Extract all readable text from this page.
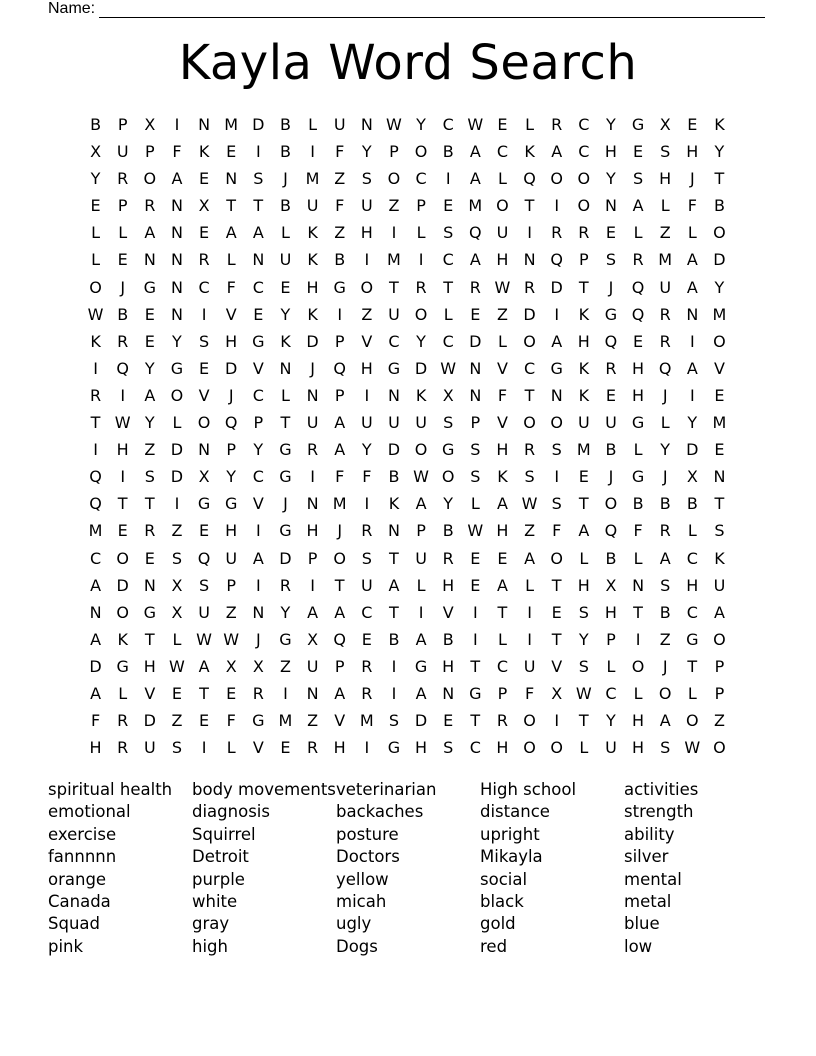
Name:
Kayla Word Search
B	P	X	I	N M D B	L	U N W Y	C W E	L	R C	Y	G X	E	K
X U	P	F	K	E	I	B	I	F	Y	P	O B	A	C	K	A	C H	E	S	H	Y
Y	R O A	E	N	S	J	M Z	S O C	I	A	L	Q O O Y	S	H	J	T
E	P	R N X	T	T	B U	F	U Z	P	E M O T	I	O N A	L	F	B
L	L	A N	E	A	A	L	K	Z H	I	L	S Q U	I	R	R	E	L	Z	L	O
L	E	N N R	L	N U	K	B	I	M	I	C	A H N Q	P	S	R M A D
O	J	G N C	F	C	E	H G O T	R	T	R W R D	T	J	Q U A	Y
W B	E	N	I	V	E	Y	K	I	Z U O	L	E	Z D	I	K G Q R N M
K	R	E	Y	S	H G K D	P	V	C	Y	C D	L	O A H Q E	R	I	O
I	Q Y	G E D V N	J	Q H G D W N V	C G K	R H Q A	V
R	I	A O V	J	C	L	N	P	I	N K	X N	F	T	N K	E	H	J	I	E
T W Y	L	O Q	P	T	U A U U U	S	P	V O O U U G	L	Y M
I	H Z D N	P	Y	G R	A	Y	D O G S	H R	S M B	L	Y	D E
Q	I	S D X	Y	C G	I	F	F	B W O S	K	S	I	E	J	G	J	X N
Q T	T	I	G G V	J	N M	I	K	A	Y	L	A W S	T O B	B	B	T
M E	R	Z	E	H	I	G H	J	R N	P	B W H Z	F	A Q	F	R	L	S
C O E	S Q U A D	P	O S	T	U R	E	E	A O	L	B	L	A	C	K
A D N X	S	P	I	R	I	T	U A	L	H	E	A	L	T	H X N	S	H U
N O G X U Z N	Y	A	A	C	T	I	V	I	T	I	E	S	H	T	B	C	A
A	K	T	L W W	J	G X Q E	B	A	B	I	L	I	T	Y	P	I	Z G O
D G H W A	X	X	Z U	P	R	I	G H	T	C U V	S	L	O	J	T	P
A	L	V	E	T	E	R	I	N A	R	I	A N G	P	F	X W C	L	O	L	P
F	R D Z	E	F	G M Z	V M S D E	T	R O	I	T	Y	H A O Z
H R U	S	I	L	V	E	R H	I	G H	S	C H O O	L	U H	S W O
spiritual health
emotional
exercise
fannnnn
orange
Canada
Squad
pink
body movements
diagnosis
Squirrel
Detroit
purple
white
gray
high
veterinarian
backaches
posture
Doctors
yellow
micah
ugly
Dogs
High school
distance
upright
Mikayla
social
black
gold
red
activities
strength
ability
silver
mental
metal
blue
low
